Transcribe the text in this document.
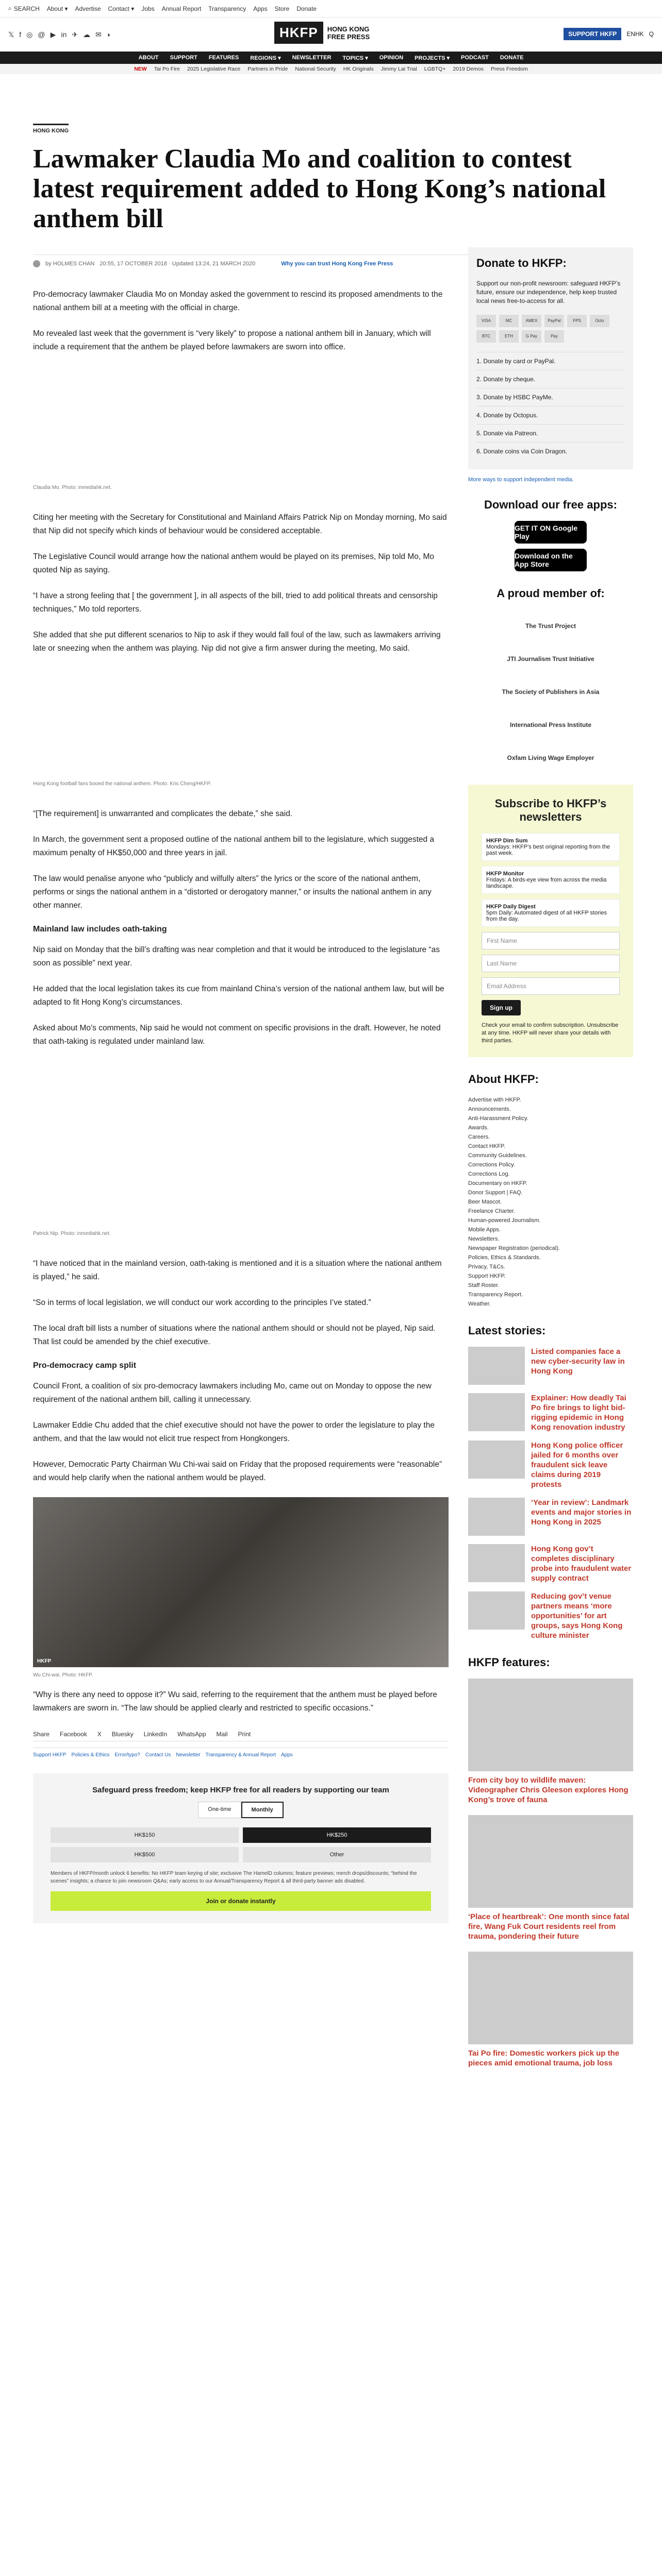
⌕ SEARCH About ▾ Advertise Contact ▾ Jobs Annual Report Transparency Apps Store Donate
𝕏 f ◎ @ ▶ in ✈ ☁ ✉ ◗	HKFP	HONG KONG
FREE PRESS	SUPPORT HKFP	ENHK Q
ABOUT SUPPORT FEATURES REGIONS ▾ NEWSLETTER TOPICS ▾ OPINION PROJECTS ▾ PODCAST DONATE
NEW Tai Po Fire 2025 Legislative Race Partners in Pride National Security HK Originals Jimmy Lai Trial LGBTQ+ 2019 Demos Press Freedom
HONG KONG
Lawmaker Claudia Mo and coalition to contest latest requirement added to Hong Kong’s national anthem bill
by HOLMES CHAN 20:55, 17 OCTOBER 2018 · Updated 13:24, 21 MARCH 2020	Why you can trust Hong Kong Free Press

Pro-democracy lawmaker Claudia Mo on Monday asked the government to rescind its proposed amendments to the national anthem bill at a meeting with the official in charge.

Mo revealed last week that the government is “very likely” to propose a national anthem bill in January, which will include a requirement that the anthem be played before lawmakers are sworn into office.

Claudia Mo. Photo: inmediahk.net.

Citing her meeting with the Secretary for Constitutional and Mainland Affairs Patrick Nip on Monday morning, Mo said that Nip did not specify which kinds of behaviour would be considered acceptable.

The Legislative Council would arrange how the national anthem would be played on its premises, Nip told Mo, Mo quoted Nip as saying.

“I have a strong feeling that [ the government ], in all aspects of the bill, tried to add political threats and censorship techniques,” Mo told reporters.

She added that she put different scenarios to Nip to ask if they would fall foul of the law, such as lawmakers arriving late or sneezing when the anthem was playing. Nip did not give a firm answer during the meeting, Mo said.

Hong Kong football fans booed the national anthem. Photo: Kris Cheng/HKFP.

“[The requirement] is unwarranted and complicates the debate,” she said.

In March, the government sent a proposed outline of the national anthem bill to the legislature, which suggested a maximum penalty of HK$50,000 and three years in jail.

The law would penalise anyone who “publicly and wilfully alters” the lyrics or the score of the national anthem, performs or sings the national anthem in a “distorted or derogatory manner,” or insults the national anthem in any other manner.

Mainland law includes oath-taking

Nip said on Monday that the bill’s drafting was near completion and that it would be introduced to the legislature “as soon as possible” next year.

He added that the local legislation takes its cue from mainland China’s version of the national anthem law, but will be adapted to fit Hong Kong’s circumstances.

Asked about Mo’s comments, Nip said he would not comment on specific provisions in the draft. However, he noted that oath-taking is regulated under mainland law.

Patrick Nip. Photo: inmediahk.net.

“I have noticed that in the mainland version, oath-taking is mentioned and it is a situation where the national anthem is played,” he said.

“So in terms of local legislation, we will conduct our work according to the principles I’ve stated.”

The local draft bill lists a number of situations where the national anthem should or should not be played, Nip said. That list could be amended by the chief executive.

Pro-democracy camp split

Council Front, a coalition of six pro-democracy lawmakers including Mo, came out on Monday to oppose the new requirement of the national anthem bill, calling it unnecessary.

Lawmaker Eddie Chu added that the chief executive should not have the power to order the legislature to play the anthem, and that the law would not elicit true respect from Hongkongers.

However, Democratic Party Chairman Wu Chi-wai said on Friday that the proposed requirements were “reasonable” and would help clarify when the national anthem would be played.

HKFP
Wu Chi-wai. Photo: HKFP.

“Why is there any need to oppose it?” Wu said, referring to the requirement that the anthem must be played before lawmakers are sworn in. “The law should be applied clearly and restricted to specific occasions.”

Share Facebook X Bluesky LinkedIn WhatsApp Mail Print
Support HKFP Policies & Ethics Error/typo? Contact Us Newsletter Transparency & Annual Report Apps
Safeguard press freedom; keep HKFP free for all readers by supporting our team
One-time	Monthly
HK$150	HK$250
HK$500	Other
Members of HKFP/month unlock 6 benefits: No HKFP team keying of site; exclusive The HamelD columns; feature previews; merch drops/discounts; “behind the scenes” insights; a chance to join newsroom Q&As; early access to our Annual/Transparency Report & all third-party banner ads disabled.
Join or donate instantly
Donate to HKFP:

Support our non-profit newsroom: safeguard HKFP’s future, ensure our independence, help keep trusted local news free-to-access for all.

VISA	MC	AMEX	PayPal	FPS	Octo
BTC	ETH	G Pay	Pay
1. Donate by card or PayPal.
2. Donate by cheque.
3. Donate by HSBC PayMe.
4. Donate by Octopus.
5. Donate via Patreon.
6. Donate coins via Coin Dragon.
More ways to support independent media.
Download our free apps:
GET IT ON Google Play
Download on the App Store
A proud member of:
The Trust Project
JTI Journalism Trust Initiative
The Society of Publishers in Asia
International Press Institute
Oxfam Living Wage Employer
Subscribe to HKFP’s newsletters
HKFP Dim Sum
Mondays: HKFP’s best original reporting from the past week.
HKFP Monitor
Fridays: A birds-eye view from across the media landscape.
HKFP Daily Digest
5pm Daily: Automated digest of all HKFP stories from the day.
First Name
Last Name
Email Address
Sign up

Check your email to confirm subscription. Unsubscribe at any time. HKFP will never share your details with third parties.

About HKFP:
Advertise with HKFP.
Announcements.
Anti-Harassment Policy.
Awards.
Careers.
Contact HKFP.
Community Guidelines.
Corrections Policy.
Corrections Log.
Documentary on HKFP.
Donor Support | FAQ.
Beer Mascot.
Freelance Charter.
Human-powered Journalism.
Mobile Apps.
Newsletters.
Newspaper Registration (periodical).
Policies, Ethics & Standards.
Privacy, T&Cs.
Support HKFP.
Staff Roster.
Transparency Report.
Weather.
Latest stories:
Listed companies face a new cyber-security law in Hong Kong
Explainer: How deadly Tai Po fire brings to light bid-rigging epidemic in Hong Kong renovation industry
Hong Kong police officer jailed for 6 months over fraudulent sick leave claims during 2019 protests
‘Year in review’: Landmark events and major stories in Hong Kong in 2025
Hong Kong gov’t completes disciplinary probe into fraudulent water supply contract
Reducing gov’t venue partners means ‘more opportunities’ for art groups, says Hong Kong culture minister
HKFP features:
From city boy to wildlife maven: Videographer Chris Gleeson explores Hong Kong’s trove of fauna
‘Place of heartbreak’: One month since fatal fire, Wang Fuk Court residents reel from trauma, pondering their future
Tai Po fire: Domestic workers pick up the pieces amid emotional trauma, job loss
